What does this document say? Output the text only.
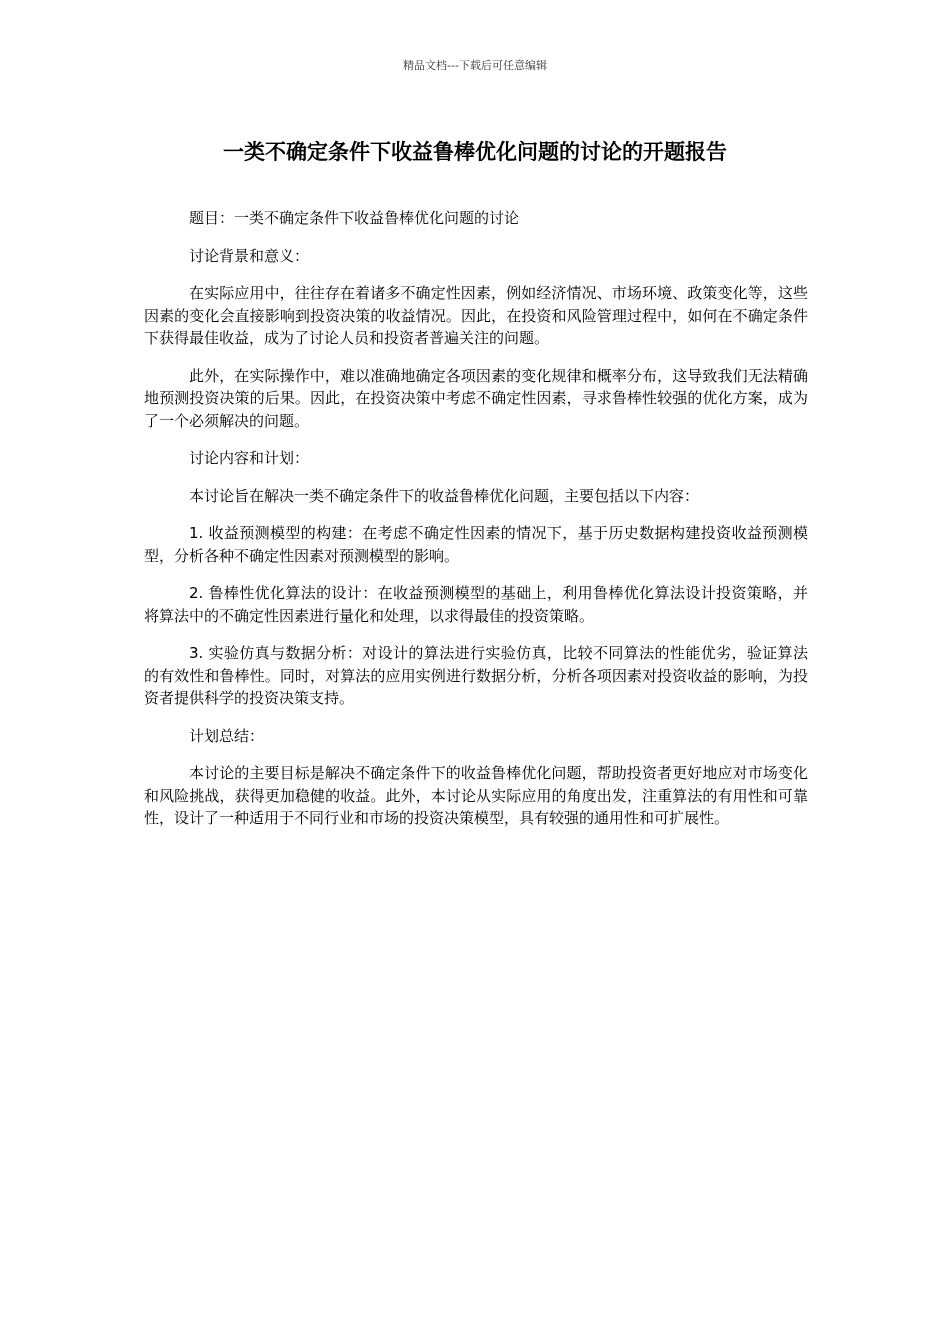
精品文档---下载后可任意编辑
一类不确定条件下收益鲁棒优化问题的讨论的开题报告

题目：一类不确定条件下收益鲁棒优化问题的讨论

讨论背景和意义：

在实际应用中，往往存在着诸多不确定性因素，例如经济情况、市场环境、政策变化等，这些因素的变化会直接影响到投资决策的收益情况。因此，在投资和风险管理过程中，如何在不确定条件下获得最佳收益，成为了讨论人员和投资者普遍关注的问题。

此外，在实际操作中，难以准确地确定各项因素的变化规律和概率分布，这导致我们无法精确地预测投资决策的后果。因此，在投资决策中考虑不确定性因素，寻求鲁棒性较强的优化方案，成为了一个必须解决的问题。

讨论内容和计划：

本讨论旨在解决一类不确定条件下的收益鲁棒优化问题，主要包括以下内容：

1. 收益预测模型的构建：在考虑不确定性因素的情况下，基于历史数据构建投资收益预测模型，分析各种不确定性因素对预测模型的影响。

2. 鲁棒性优化算法的设计：在收益预测模型的基础上，利用鲁棒优化算法设计投资策略，并将算法中的不确定性因素进行量化和处理，以求得最佳的投资策略。

3. 实验仿真与数据分析：对设计的算法进行实验仿真，比较不同算法的性能优劣，验证算法的有效性和鲁棒性。同时，对算法的应用实例进行数据分析，分析各项因素对投资收益的影响，为投资者提供科学的投资决策支持。

计划总结：

本讨论的主要目标是解决不确定条件下的收益鲁棒优化问题，帮助投资者更好地应对市场变化和风险挑战，获得更加稳健的收益。此外，本讨论从实际应用的角度出发，注重算法的有用性和可靠性，设计了一种适用于不同行业和市场的投资决策模型，具有较强的通用性和可扩展性。
